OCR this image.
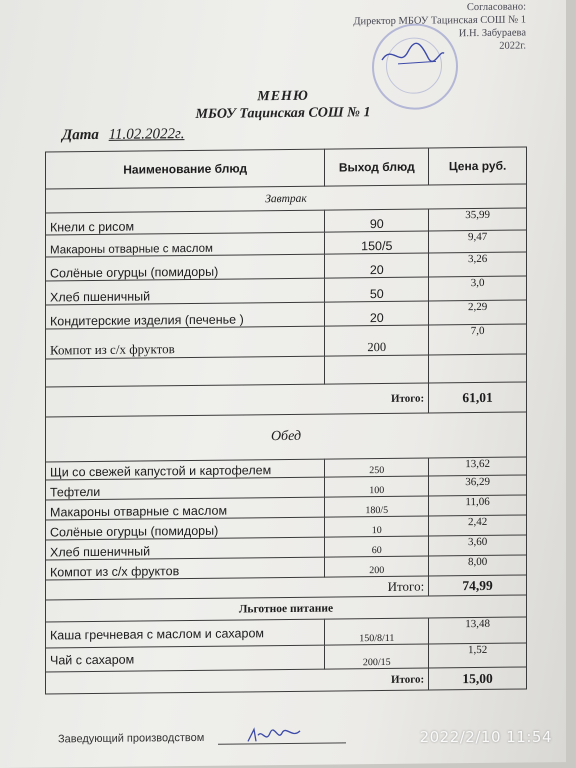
Согласовано:
Директор МБОУ Тацинская СОШ № 1
И.Н. Забураева
2022г.
МЕНЮ
МБОУ Тацинская СОШ № 1
Дата 11.02.2022г.
Наименование блюд	Выход блюд	Цена руб.
Завтрак		
Кнели с рисом	90	35,99
Макароны отварные с маслом	150/5	9,47
Солёные огурцы (помидоры)	20	3,26
Хлеб пшеничный	50	3,0
Кондитерские изделия (печенье )	20	2,29
Компот из с/х фруктов	200	7,0

Итого:		61,01
Обед		
Щи со свежей капустой и картофелем	250	13,62
Тефтели	100	36,29
Макароны отварные с маслом	180/5	11,06
Солёные огурцы (помидоры)	10	2,42
Хлеб пшеничный	60	3,60
Компот из с/х фруктов	200	8,00
Итого:		74,99
Льготное питание		
Каша гречневая с маслом и сахаром	150/8/11	13,48
Чай с сахаром	200/15	1,52
Итого:		15,00
Заведующий производством	2022/2/10 11:54
